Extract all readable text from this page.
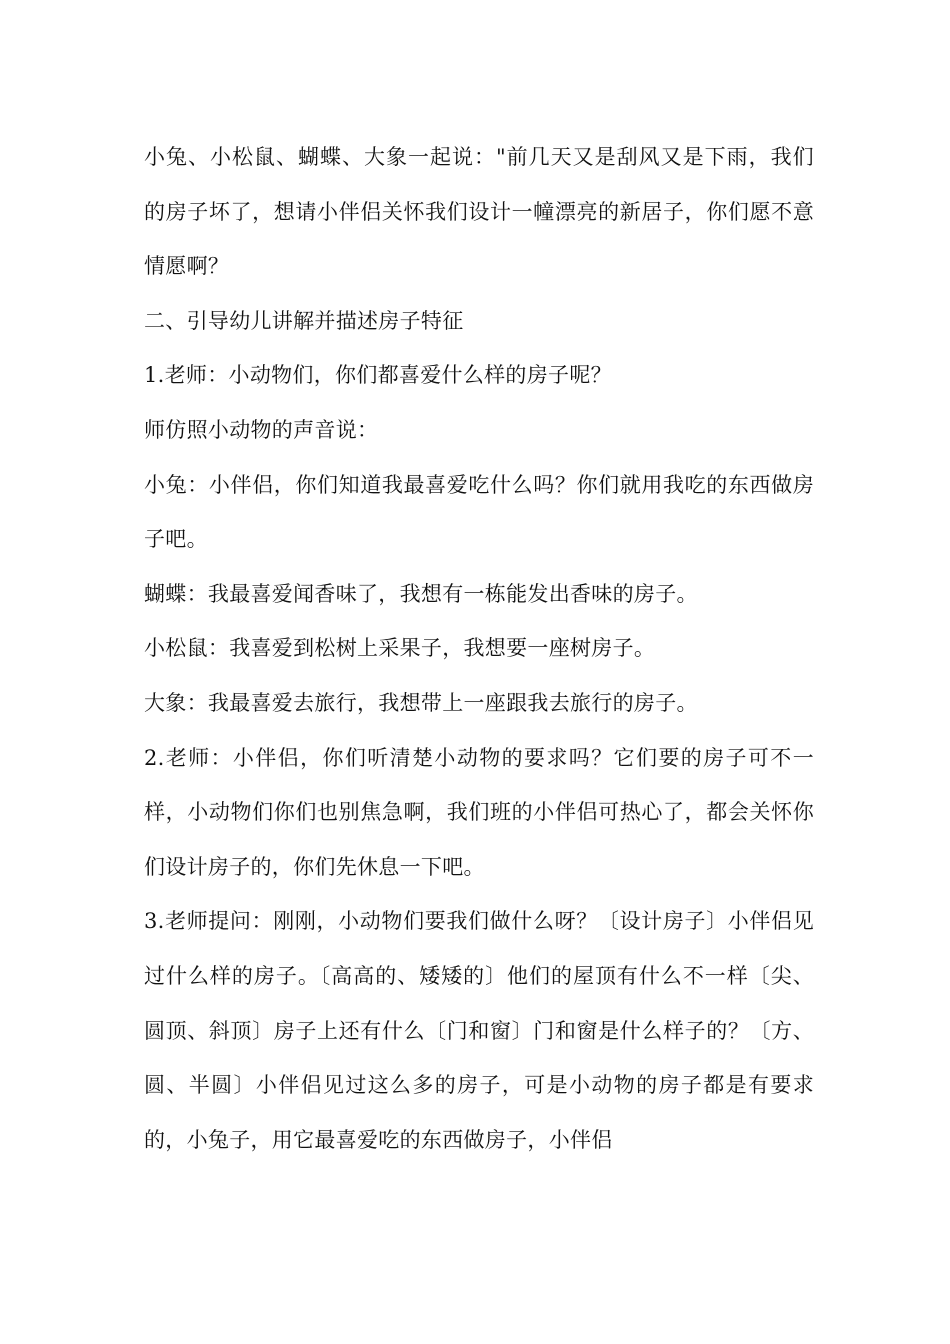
小兔、小松鼠、蝴蝶、大象一起说："前几天又是刮风又是下雨，我们的房子坏了，想请小伴侣关怀我们设计一幢漂亮的新居子，你们愿不意情愿啊？

二、引导幼儿讲解并描述房子特征

1.老师：小动物们，你们都喜爱什么样的房子呢？

师仿照小动物的声音说：

小兔：小伴侣，你们知道我最喜爱吃什么吗？你们就用我吃的东西做房子吧。

蝴蝶：我最喜爱闻香味了，我想有一栋能发出香味的房子。

小松鼠：我喜爱到松树上采果子，我想要一座树房子。

大象：我最喜爱去旅行，我想带上一座跟我去旅行的房子。

2.老师：小伴侣，你们听清楚小动物的要求吗？它们要的房子可不一样，小动物们你们也别焦急啊，我们班的小伴侣可热心了，都会关怀你们设计房子的，你们先休息一下吧。

3.老师提问：刚刚，小动物们要我们做什么呀？〔设计房子〕小伴侣见过什么样的房子。〔高高的、矮矮的〕他们的屋顶有什么不一样〔尖、圆顶、斜顶〕房子上还有什么〔门和窗〕门和窗是什么样子的？〔方、圆、半圆〕小伴侣见过这么多的房子，可是小动物的房子都是有要求的，小兔子，用它最喜爱吃的东西做房子，小伴侣
